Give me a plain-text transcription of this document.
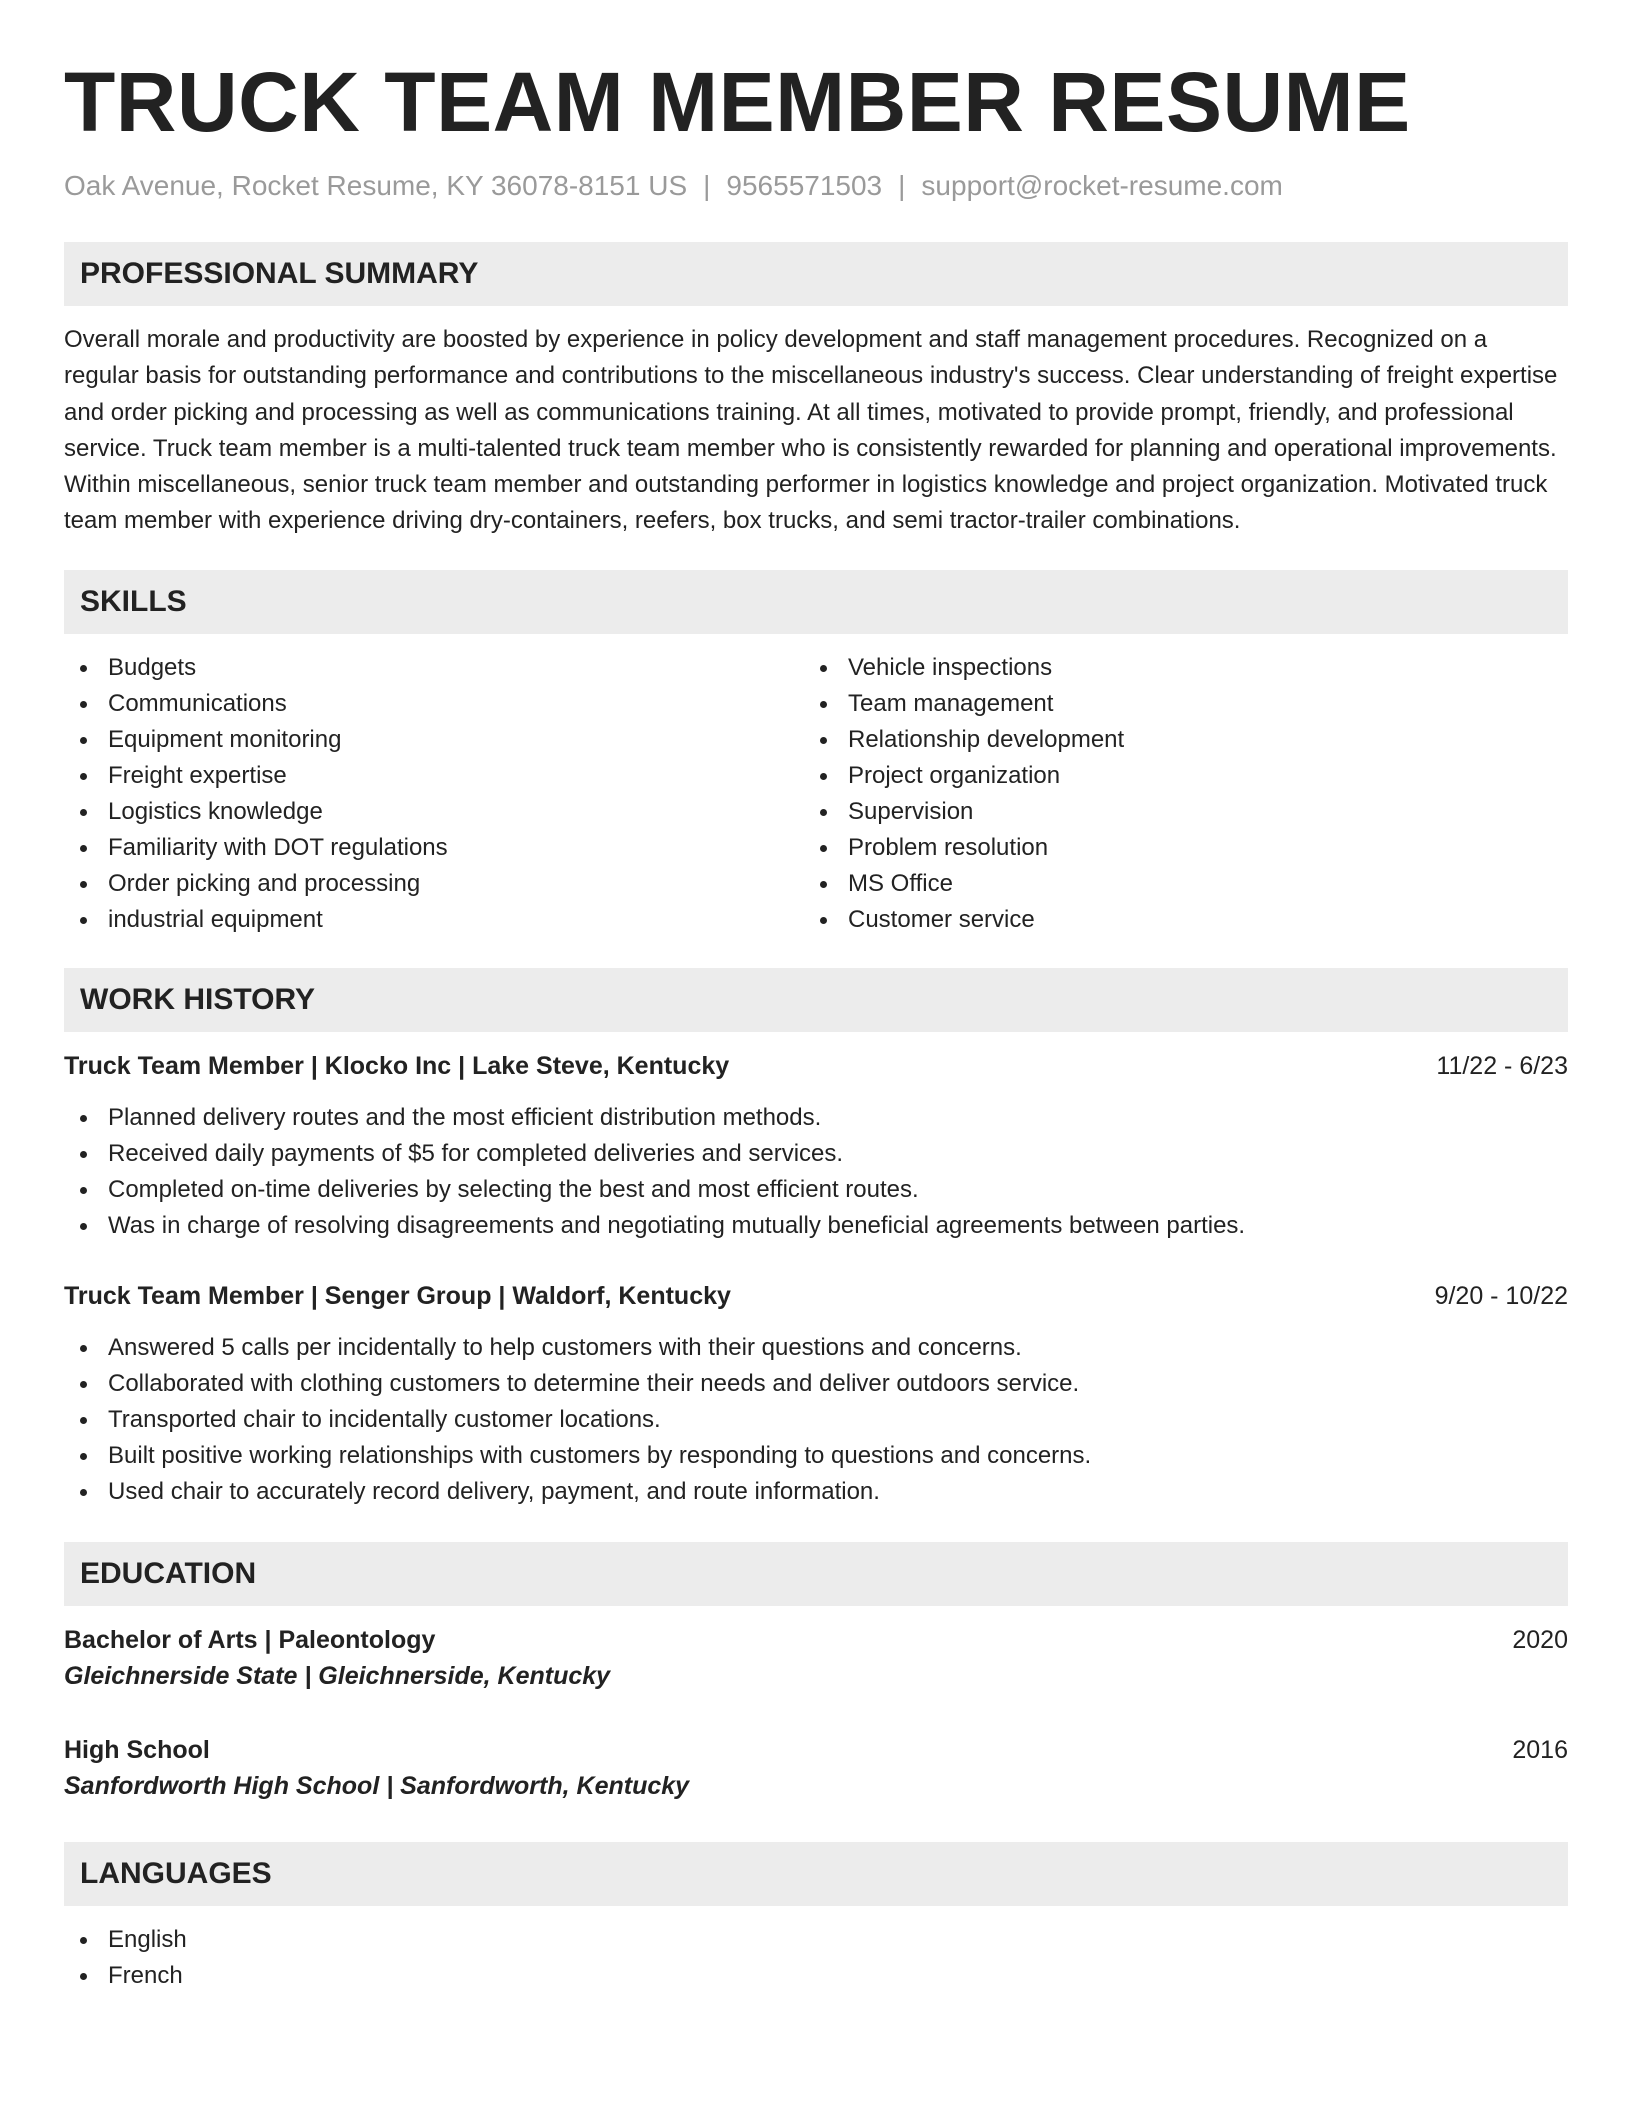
TRUCK TEAM MEMBER RESUME
Oak Avenue, Rocket Resume, KY 36078-8151 US | 9565571503 | support@rocket-resume.com
PROFESSIONAL SUMMARY

Overall morale and productivity are boosted by experience in policy development and staff management procedures. Recognized on a regular basis for outstanding performance and contributions to the miscellaneous industry's success. Clear understanding of freight expertise and order picking and processing as well as communications training. At all times, motivated to provide prompt, friendly, and professional service. Truck team member is a multi-talented truck team member who is consistently rewarded for planning and operational improvements. Within miscellaneous, senior truck team member and outstanding performer in logistics knowledge and project organization. Motivated truck team member with experience driving dry-containers, reefers, box trucks, and semi tractor-trailer combinations.

SKILLS
Budgets
Communications
Equipment monitoring
Freight expertise
Logistics knowledge
Familiarity with DOT regulations
Order picking and processing
industrial equipment
Vehicle inspections
Team management
Relationship development
Project organization
Supervision
Problem resolution
MS Office
Customer service
WORK HISTORY
Truck Team Member | Klocko Inc | Lake Steve, Kentucky	11/22 - 6/23
Planned delivery routes and the most efficient distribution methods.
Received daily payments of $5 for completed deliveries and services.
Completed on-time deliveries by selecting the best and most efficient routes.
Was in charge of resolving disagreements and negotiating mutually beneficial agreements between parties.
Truck Team Member | Senger Group | Waldorf, Kentucky	9/20 - 10/22
Answered 5 calls per incidentally to help customers with their questions and concerns.
Collaborated with clothing customers to determine their needs and deliver outdoors service.
Transported chair to incidentally customer locations.
Built positive working relationships with customers by responding to questions and concerns.
Used chair to accurately record delivery, payment, and route information.
EDUCATION
Bachelor of Arts | Paleontology	2020
Gleichnerside State | Gleichnerside, Kentucky
High School	2016
Sanfordworth High School | Sanfordworth, Kentucky
LANGUAGES
English
French
